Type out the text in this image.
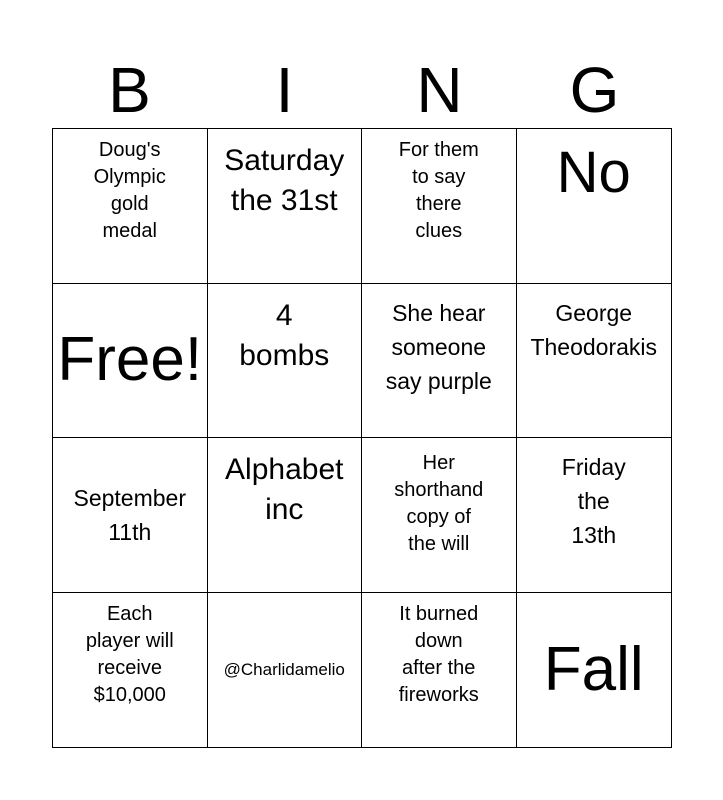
B	I	N	G
Doug's
Olympic
gold
medal
Saturday
the 31st
For them
to say
there
clues
No
Free!
4
bombs
She hear
someone
say purple
George
Theodorakis
September
11th
Alphabet
inc
Her
shorthand
copy of
the will
Friday
the
13th
Each
player will
receive
$10,000
@Charlidamelio
It burned
down
after the
fireworks Fall
